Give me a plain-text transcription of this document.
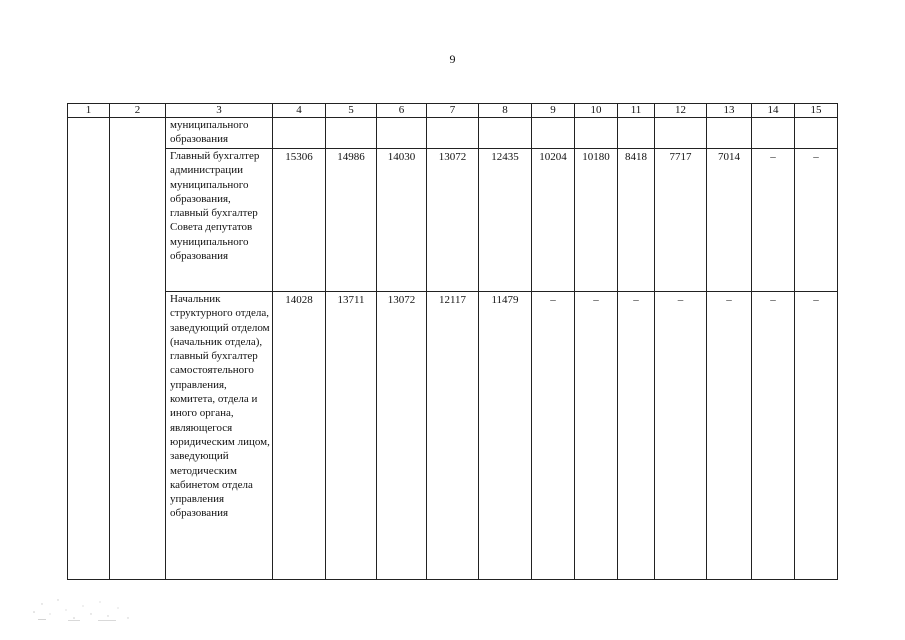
9
1	2	3	4	5	6	7	8	9	10	11	12	13	14	15
		муниципального образования												
		Главный бухгалтер администрации муниципального образования, главный бухгалтер Совета депутатов муниципального образования	15306	14986	14030	13072	12435	10204	10180	8418	7717	7014	–	–
		Начальник структурного отдела, заведующий отделом (начальник отдела), главный бухгалтер самостоятельного управления, комитета, отдела и иного органа, являющегося юридическим лицом, заведующий методическим кабинетом отдела управления образования	14028	13711	13072	12117	11479	–	–	–	–	–	–	–
